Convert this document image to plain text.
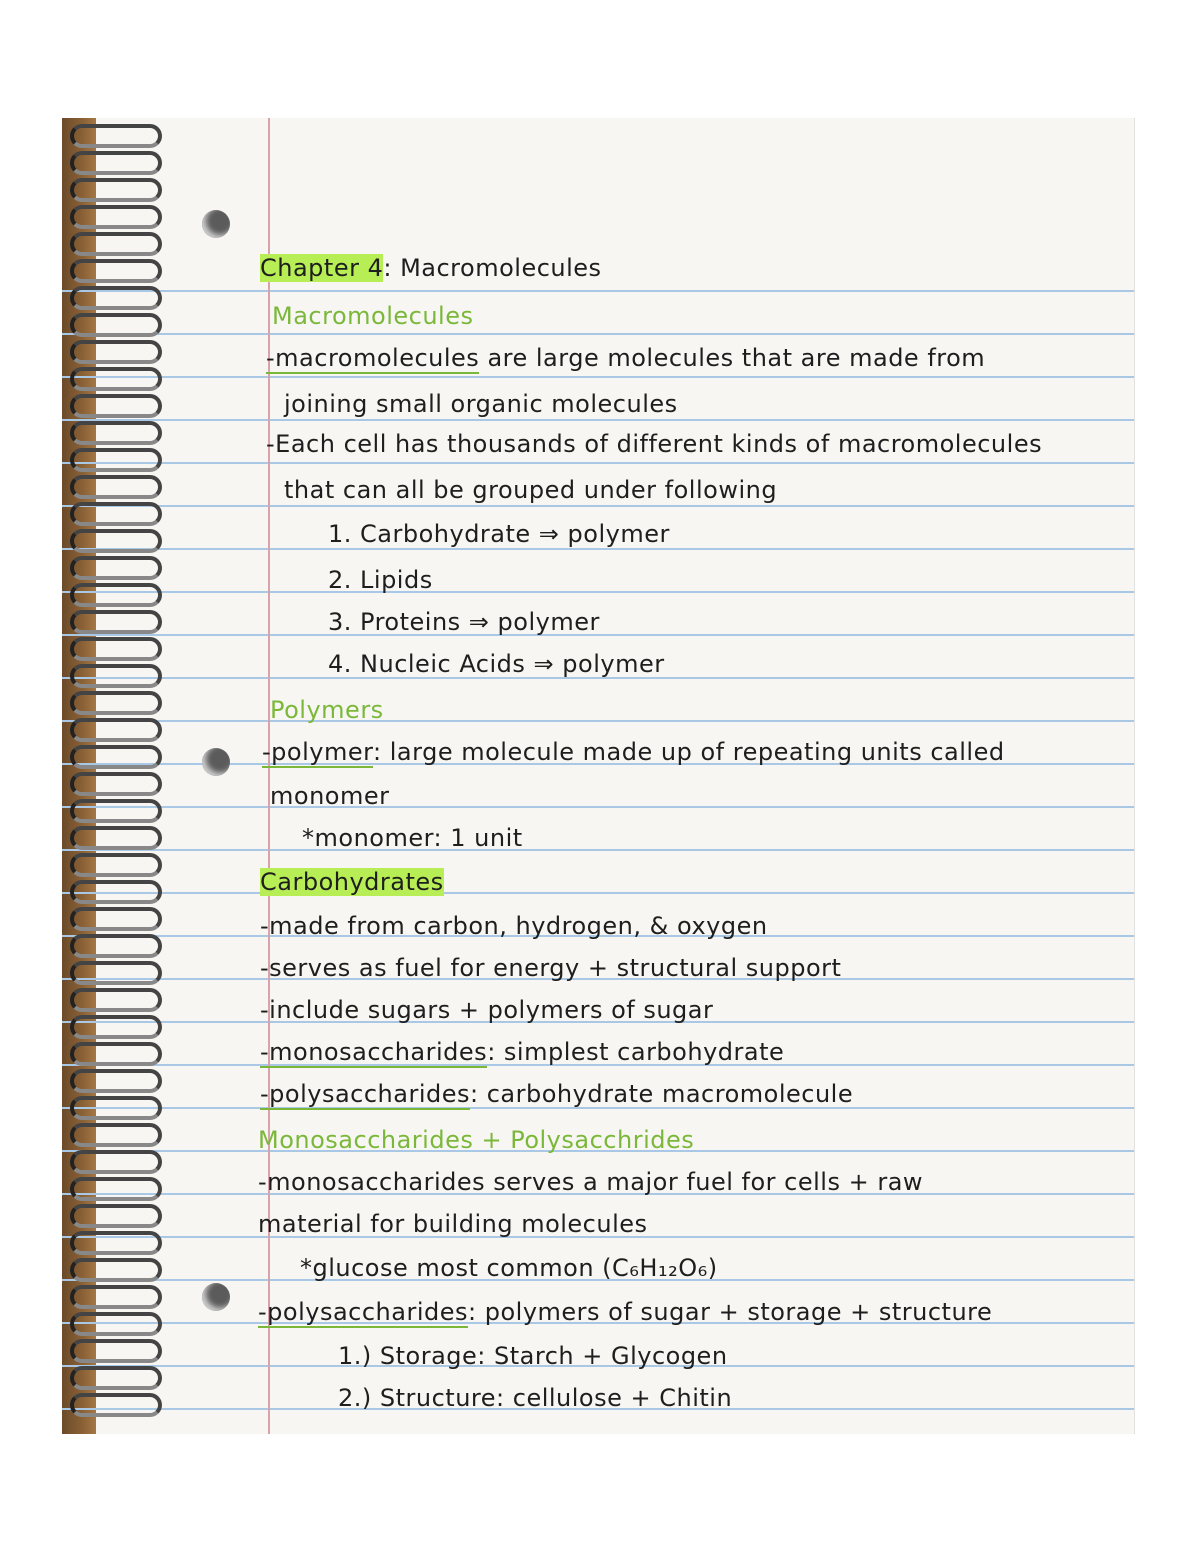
Chapter 4: Macromolecules
Macromolecules
-macromolecules are large molecules that are made from
joining small organic molecules
-Each cell has thousands of different kinds of macromolecules
that can all be grouped under following
1. Carbohydrate ⇒ polymer
2. Lipids
3. Proteins ⇒ polymer
4. Nucleic Acids ⇒ polymer
Polymers
-polymer: large molecule made up of repeating units called
monomer
*monomer: 1 unit
Carbohydrates
-made from carbon, hydrogen, & oxygen
-serves as fuel for energy + structural support
-include sugars + polymers of sugar
-monosaccharides: simplest carbohydrate
-polysaccharides: carbohydrate macromolecule
Monosaccharides + Polysacchrides
-monosaccharides serves a major fuel for cells + raw
material for building molecules
*glucose most common (C₆H₁₂O₆)
-polysaccharides: polymers of sugar + storage + structure
1.) Storage: Starch + Glycogen
2.) Structure: cellulose + Chitin
